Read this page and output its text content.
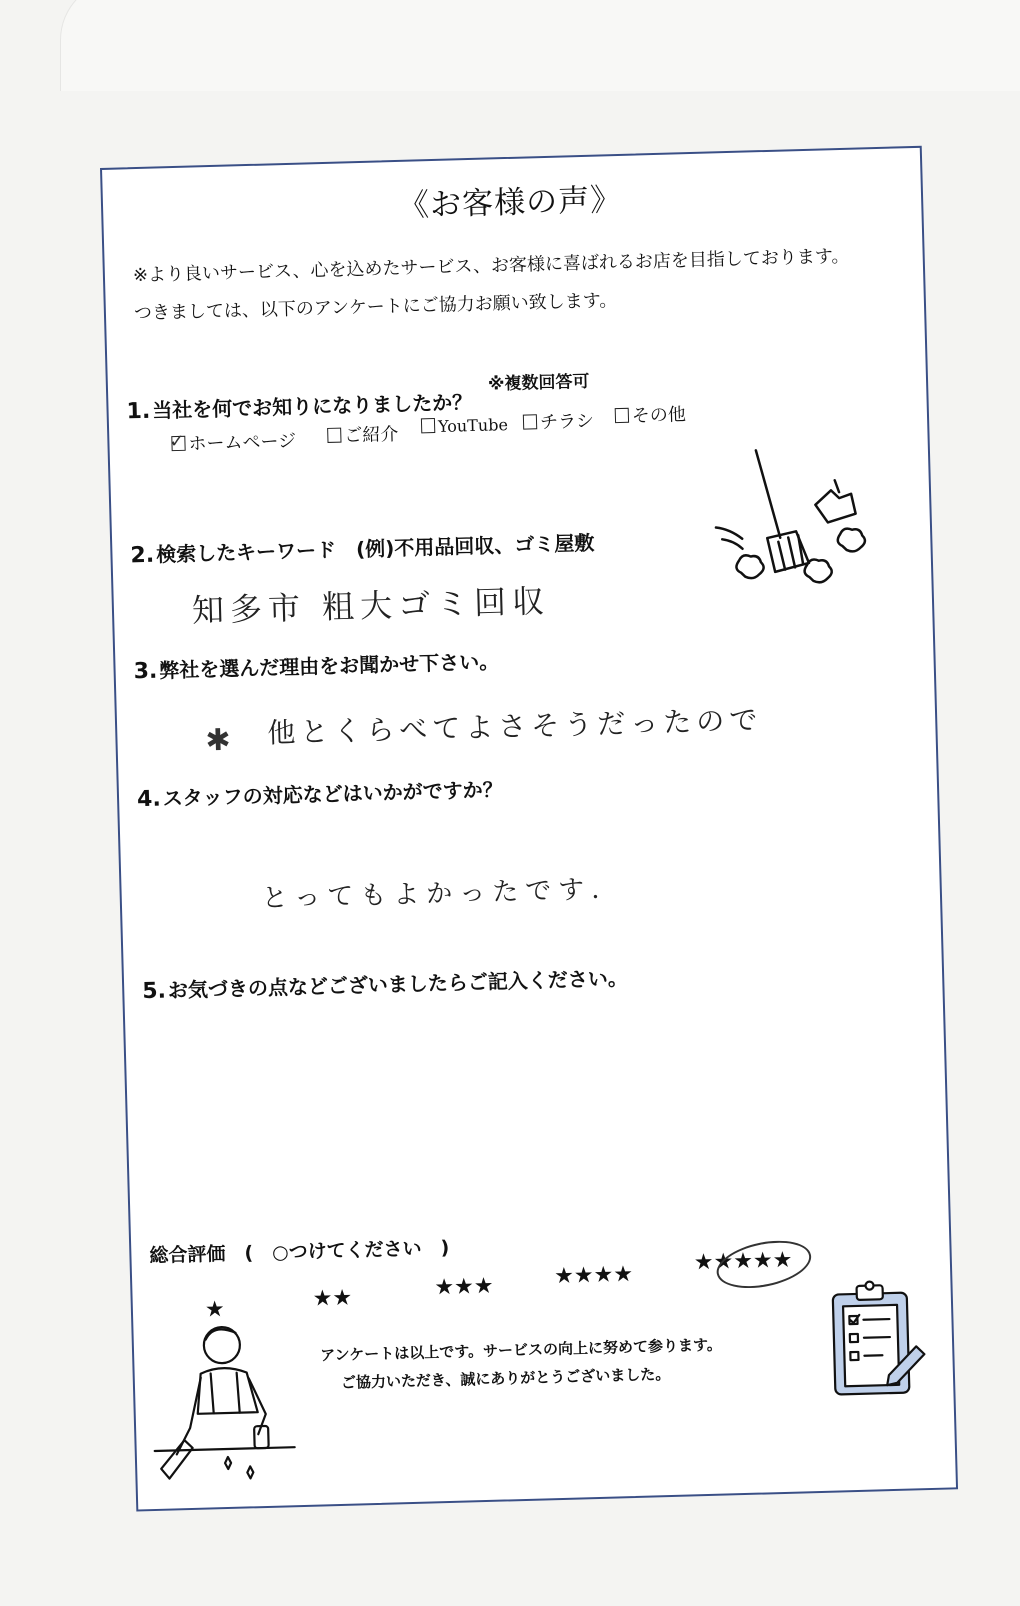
《お客様の声》
※より良いサービス、心を込めたサービス、お客様に喜ばれるお店を目指しております。
つきましては、以下のアンケートにご協力お願い致します。
1.当社を何でお知りになりましたか？
※複数回答可
✓ ホームページ	ご紹介	YouTube	チラシ	その他
2.検索したキーワード　(例)不用品回収、ゴミ屋敷
知多市 粗大ゴミ回収
3.弊社を選んだ理由をお聞かせ下さい。
✱ 他とくらべてよさそうだったので
4.スタッフの対応などはいかがですか？
とってもよかったです.
5.お気づきの点などございましたらご記入ください。
総合評価　(　○つけてください　)
★	★★	★★★	★★★★
★★★★★
アンケートは以上です。サービスの向上に努めて参ります。
ご協力いただき、誠にありがとうございました。
